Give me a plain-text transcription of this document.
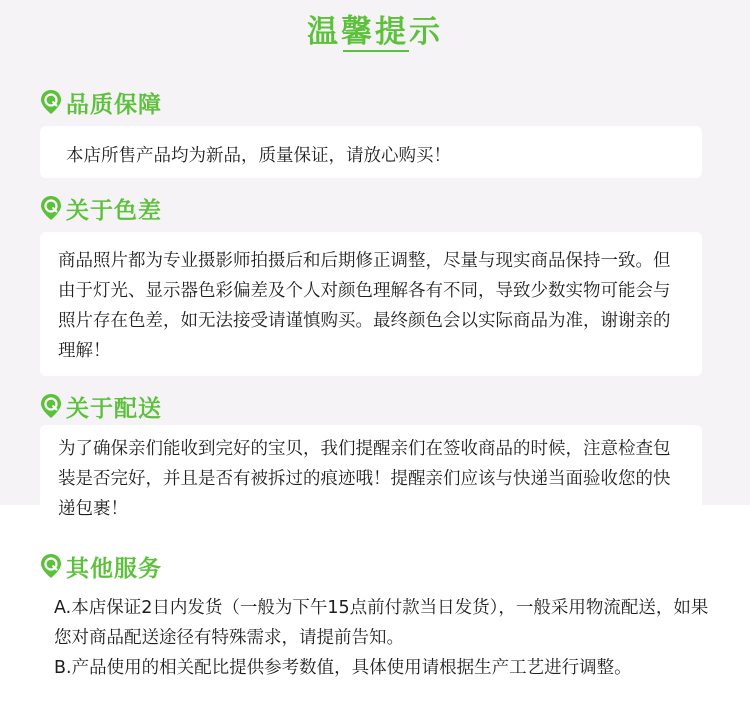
温馨提示
品质保障

本店所售产品均为新品，质量保证，请放心购买！

关于色差

商品照片都为专业摄影师拍摄后和后期修正调整，尽量与现实商品保持一致。但由于灯光、显示器色彩偏差及个人对颜色理解各有不同，导致少数实物可能会与照片存在色差，如无法接受请谨慎购买。最终颜色会以实际商品为准，谢谢亲的理解！

关于配送

为了确保亲们能收到完好的宝贝，我们提醒亲们在签收商品的时候，注意检查包装是否完好，并且是否有被拆过的痕迹哦！提醒亲们应该与快递当面验收您的快递包裹！

其他服务

A.本店保证2日内发货（一般为下午15点前付款当日发货），一般采用物流配送，如果您对商品配送途径有特殊需求，请提前告知。

B.产品使用的相关配比提供参考数值，具体使用请根据生产工艺进行调整。
